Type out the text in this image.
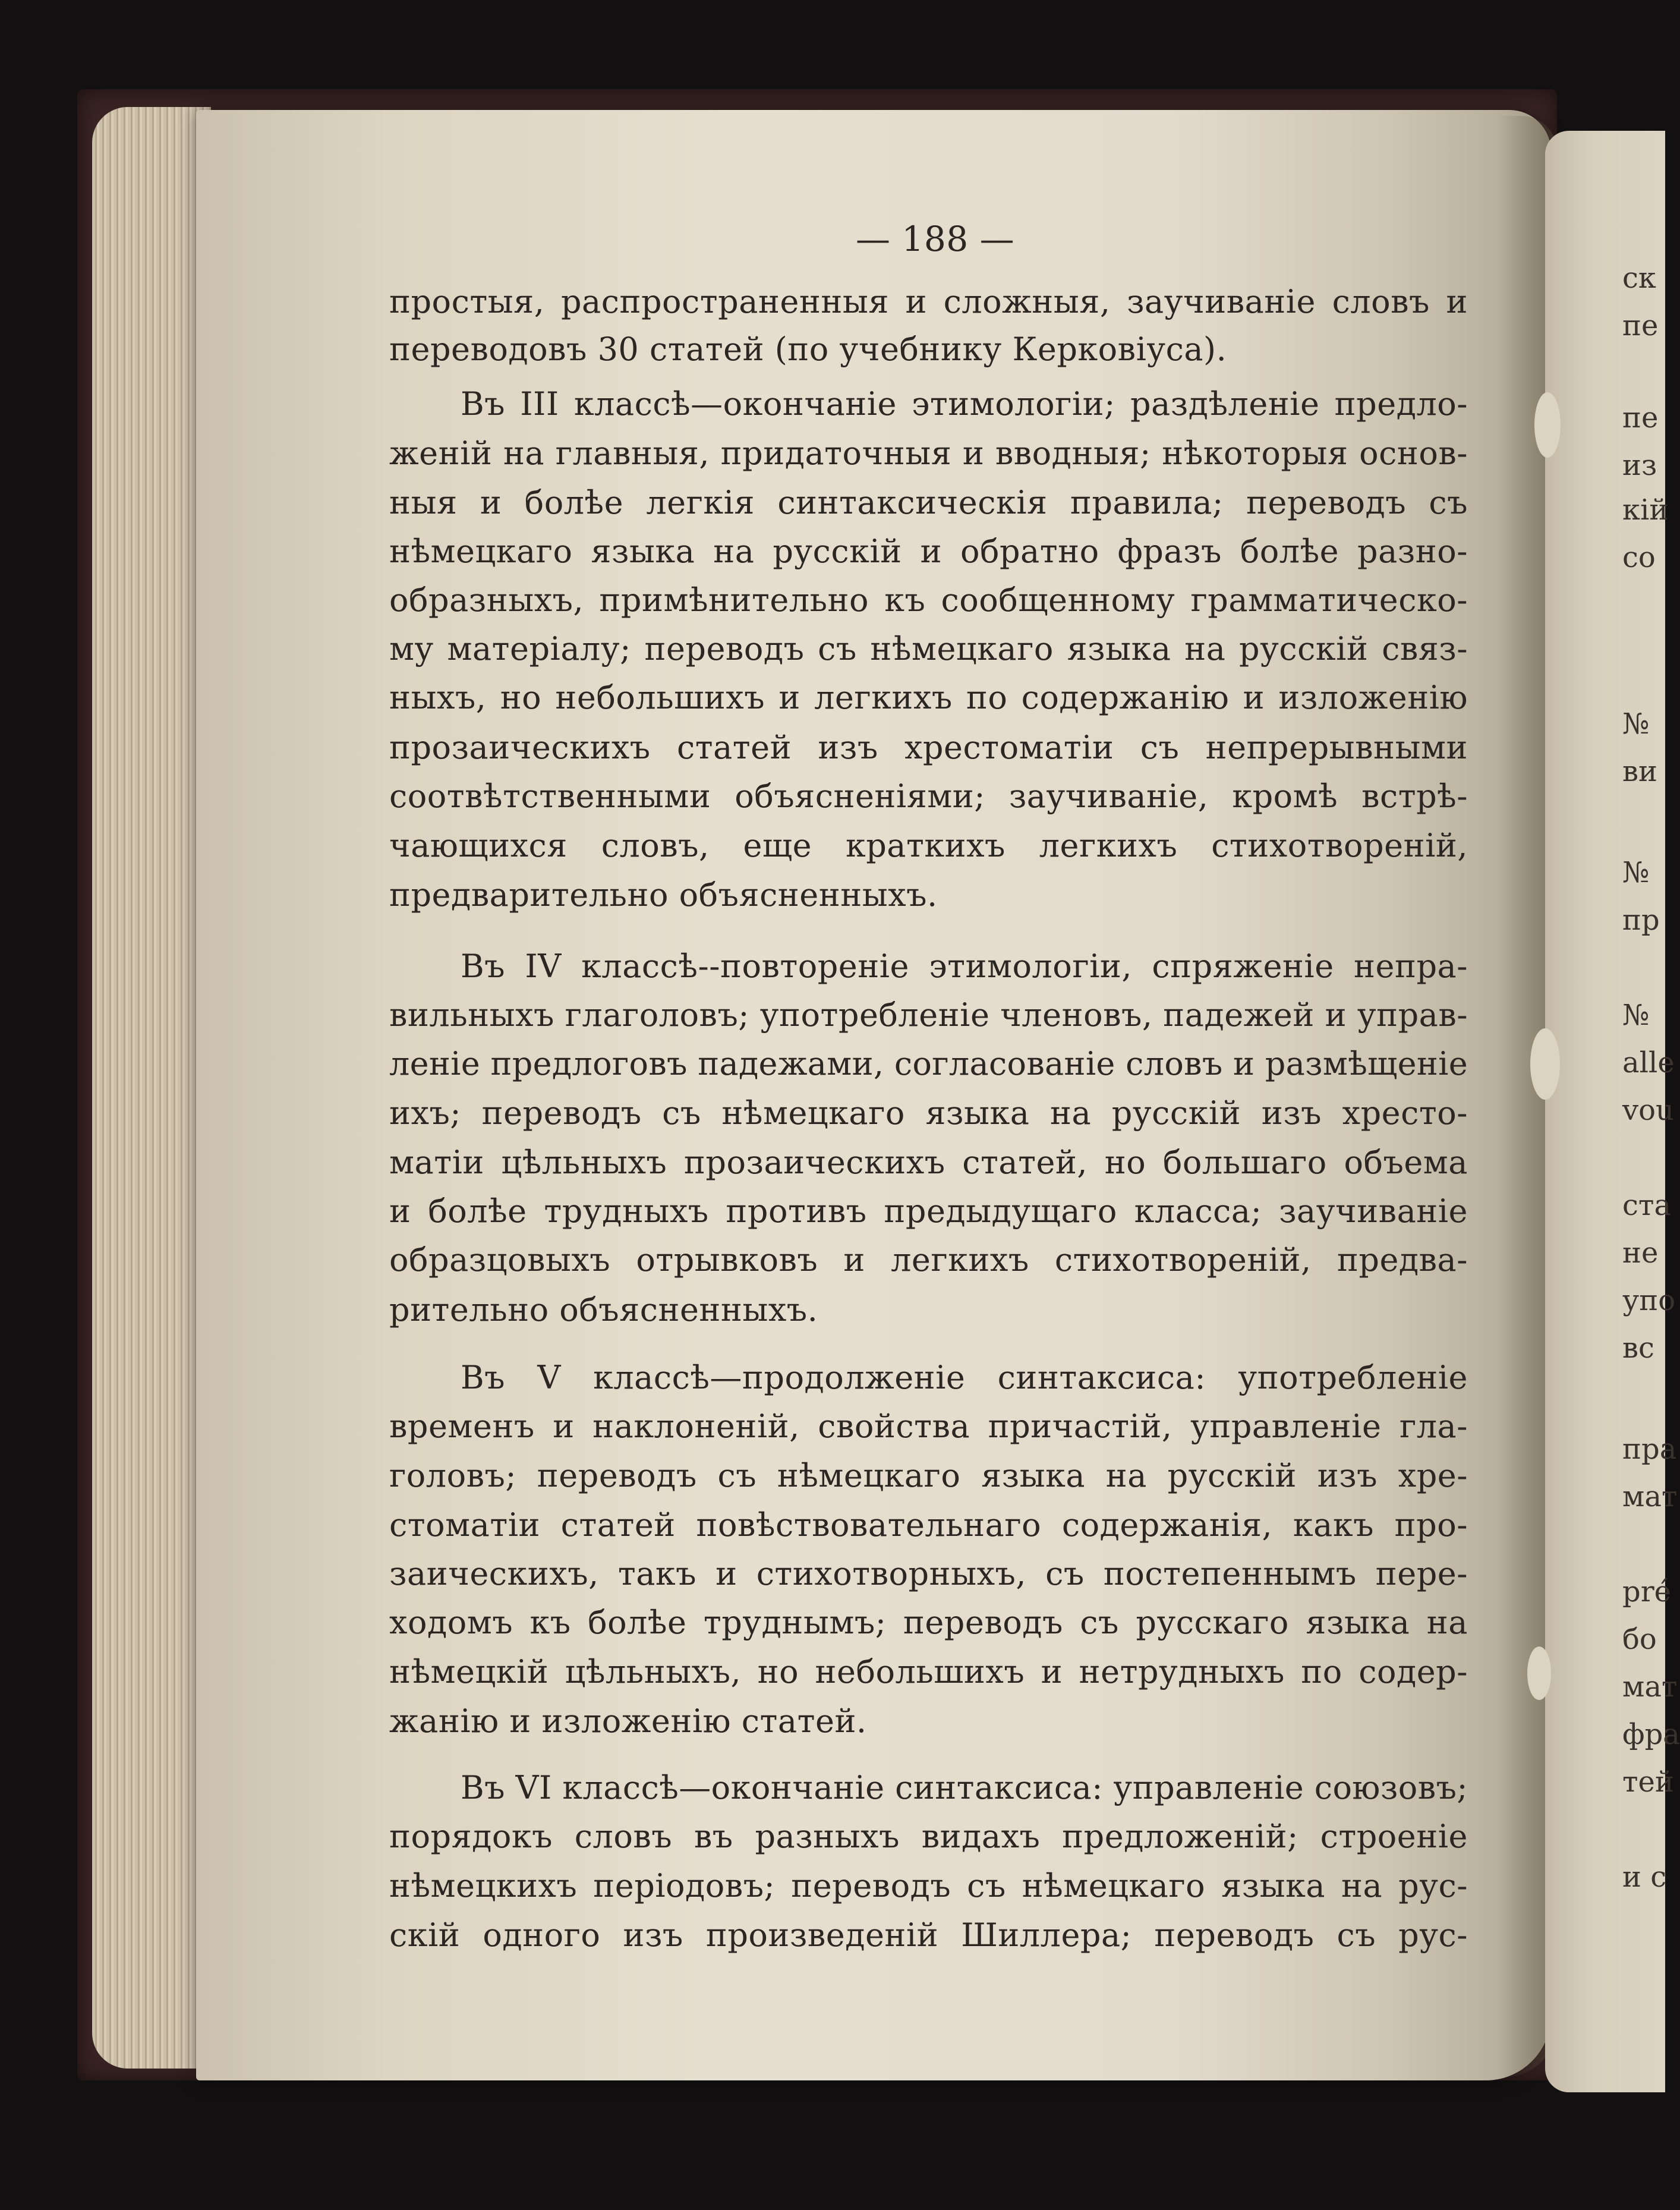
— 188 —
простыя, распространенныя и сложныя, заучиванiе словъ и
переводовъ 30 статей (по учебнику Керковiуса).
Въ III классѣ—окончанiе этимологiи; раздѣленiе предло-
женiй на главныя, придаточныя и вводныя; нѣкоторыя основ-
ныя и болѣе легкiя синтаксическiя правила; переводъ съ
нѣмецкаго языка на русскiй и обратно фразъ болѣе разно-
образныхъ, примѣнительно къ сообщенному грамматическо-
му матерiалу; переводъ съ нѣмецкаго языка на русскiй связ-
ныхъ, но небольшихъ и легкихъ по содержанiю и изложенiю
прозаическихъ статей изъ хрестоматiи съ непрерывными
соотвѣтственными объясненiями; заучиванiе, кромѣ встрѣ-
чающихся словъ, еще краткихъ легкихъ стихотворенiй,
предварительно объясненныхъ.
Въ IV классѣ--повторенiе этимологiи, спряженiе непра-
вильныхъ глаголовъ; употребленiе членовъ, падежей и управ-
ленiе предлоговъ падежами, согласованiе словъ и размѣщенiе
ихъ; переводъ съ нѣмецкаго языка на русскiй изъ хресто-
матiи цѣльныхъ прозаическихъ статей, но большаго объема
и болѣе трудныхъ противъ предыдущаго класса; заучиванiе
образцовыхъ отрывковъ и легкихъ стихотворенiй, предва-
рительно объясненныхъ.
Въ V классѣ—продолженiе синтаксиса: употребленiе
временъ и наклоненiй, свойства причастiй, управленiе гла-
головъ; переводъ съ нѣмецкаго языка на русскiй изъ хре-
стоматiи статей повѣствовательнаго содержанiя, какъ про-
заическихъ, такъ и стихотворныхъ, съ постепеннымъ пере-
ходомъ къ болѣе труднымъ; переводъ съ русскаго языка на
нѣмецкiй цѣльныхъ, но небольшихъ и нетрудныхъ по содер-
жанiю и изложенiю статей.
Въ VI классѣ—окончанiе синтаксиса: управленiе союзовъ;
порядокъ словъ въ разныхъ видахъ предложенiй; строенiе
нѣмецкихъ перiодовъ; переводъ съ нѣмецкаго языка на рус-
скiй одного изъ произведенiй Шиллера; переводъ съ рус-
ск
пе
пе
из
кій
со
№
ви
№
пр
№
alle
vou
ста
не
упо
вс
пра
мат
pré
бо
мат
фра
тей
и с
